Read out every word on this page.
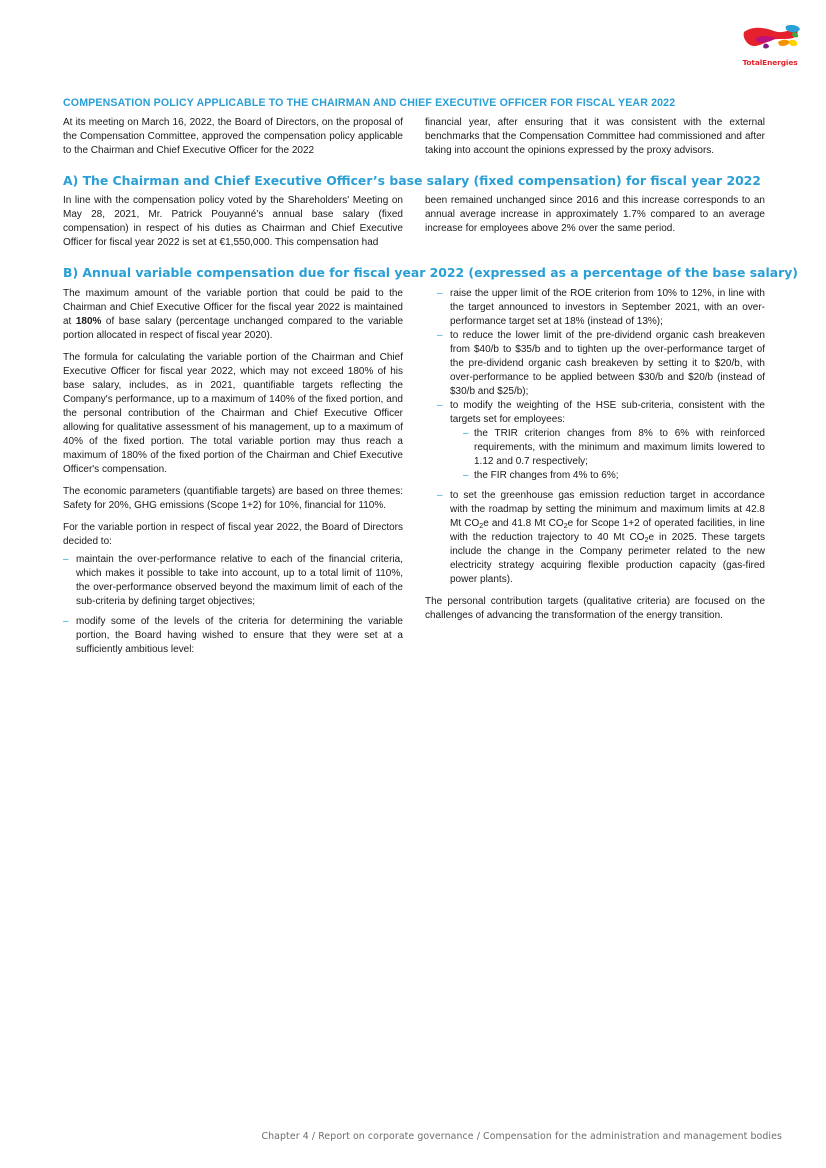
TotalEnergies
COMPENSATION POLICY APPLICABLE TO THE CHAIRMAN AND CHIEF EXECUTIVE OFFICER FOR FISCAL YEAR 2022

At its meeting on March 16, 2022, the Board of Directors, on the proposal of the Compensation Committee, approved the compensation policy applicable to the Chairman and Chief Executive Officer for the 2022

financial year, after ensuring that it was consistent with the external benchmarks that the Compensation Committee had commissioned and after taking into account the opinions expressed by the proxy advisors.

A) The Chairman and Chief Executive Officer’s base salary (fixed compensation) for fiscal year 2022

In line with the compensation policy voted by the Shareholders' Meeting on May 28, 2021, Mr. Patrick Pouyanné’s annual base salary (fixed compensation) in respect of his duties as Chairman and Chief Executive Officer for fiscal year 2022 is set at €1,550,000. This compensation had

been remained unchanged since 2016 and this increase corresponds to an annual average increase in approximately 1.7% compared to an average increase for employees above 2% over the same period.

B) Annual variable compensation due for fiscal year 2022 (expressed as a percentage of the base salary)

The maximum amount of the variable portion that could be paid to the Chairman and Chief Executive Officer for the fiscal year 2022 is maintained at 180% of base salary (percentage unchanged compared to the variable portion allocated in respect of fiscal year 2020).

The formula for calculating the variable portion of the Chairman and Chief Executive Officer for fiscal year 2022, which may not exceed 180% of his base salary, includes, as in 2021, quantifiable targets reflecting the Company's performance, up to a maximum of 140% of the fixed portion, and the personal contribution of the Chairman and Chief Executive Officer allowing for qualitative assessment of his management, up to a maximum of 40% of the fixed portion. The total variable portion may thus reach a maximum of 180% of the fixed portion of the Chairman and Chief Executive Officer's compensation.

The economic parameters (quantifiable targets) are based on three themes: Safety for 20%, GHG emissions (Scope 1+2) for 10%, financial for 110%.

For the variable portion in respect of fiscal year 2022, the Board of Directors decided to:

– maintain the over-performance relative to each of the financial criteria, which makes it possible to take into account, up to a total limit of 110%, the over-performance observed beyond the maximum limit of each of the sub-criteria by defining target objectives;
– modify some of the levels of the criteria for determining the variable portion, the Board having wished to ensure that they were set at a sufficiently ambitious level:
– raise the upper limit of the ROE criterion from 10% to 12%, in line with the target announced to investors in September 2021, with an over-performance target set at 18% (instead of 13%);
– to reduce the lower limit of the pre-dividend organic cash breakeven from $40/b to $35/b and to tighten up the over-performance target of the pre-dividend organic cash breakeven by setting it to $20/b, with over-performance to be applied between $30/b and $20/b (instead of $30/b and $25/b);
– to modify the weighting of the HSE sub-criteria, consistent with the targets set for employees:
– the TRIR criterion changes from 8% to 6% with reinforced requirements, with the minimum and maximum limits lowered to 1.12 and 0.7 respectively;
– the FIR changes from 4% to 6%;
– to set the greenhouse gas emission reduction target in accordance with the roadmap by setting the minimum and maximum limits at 42.8 Mt $CO_2e$ and 41.8 Mt $CO_2e$ for Scope 1+2 of operated facilities, in line with the reduction trajectory to 40 Mt $CO_2e$ in 2025. These targets include the change in the Company perimeter related to the new electricity strategy acquiring flexible production capacity (gas-fired power plants).

The personal contribution targets (qualitative criteria) are focused on the challenges of advancing the transformation of the energy transition.

Chapter 4 / Report on corporate governance / Compensation for the administration and management bodies
